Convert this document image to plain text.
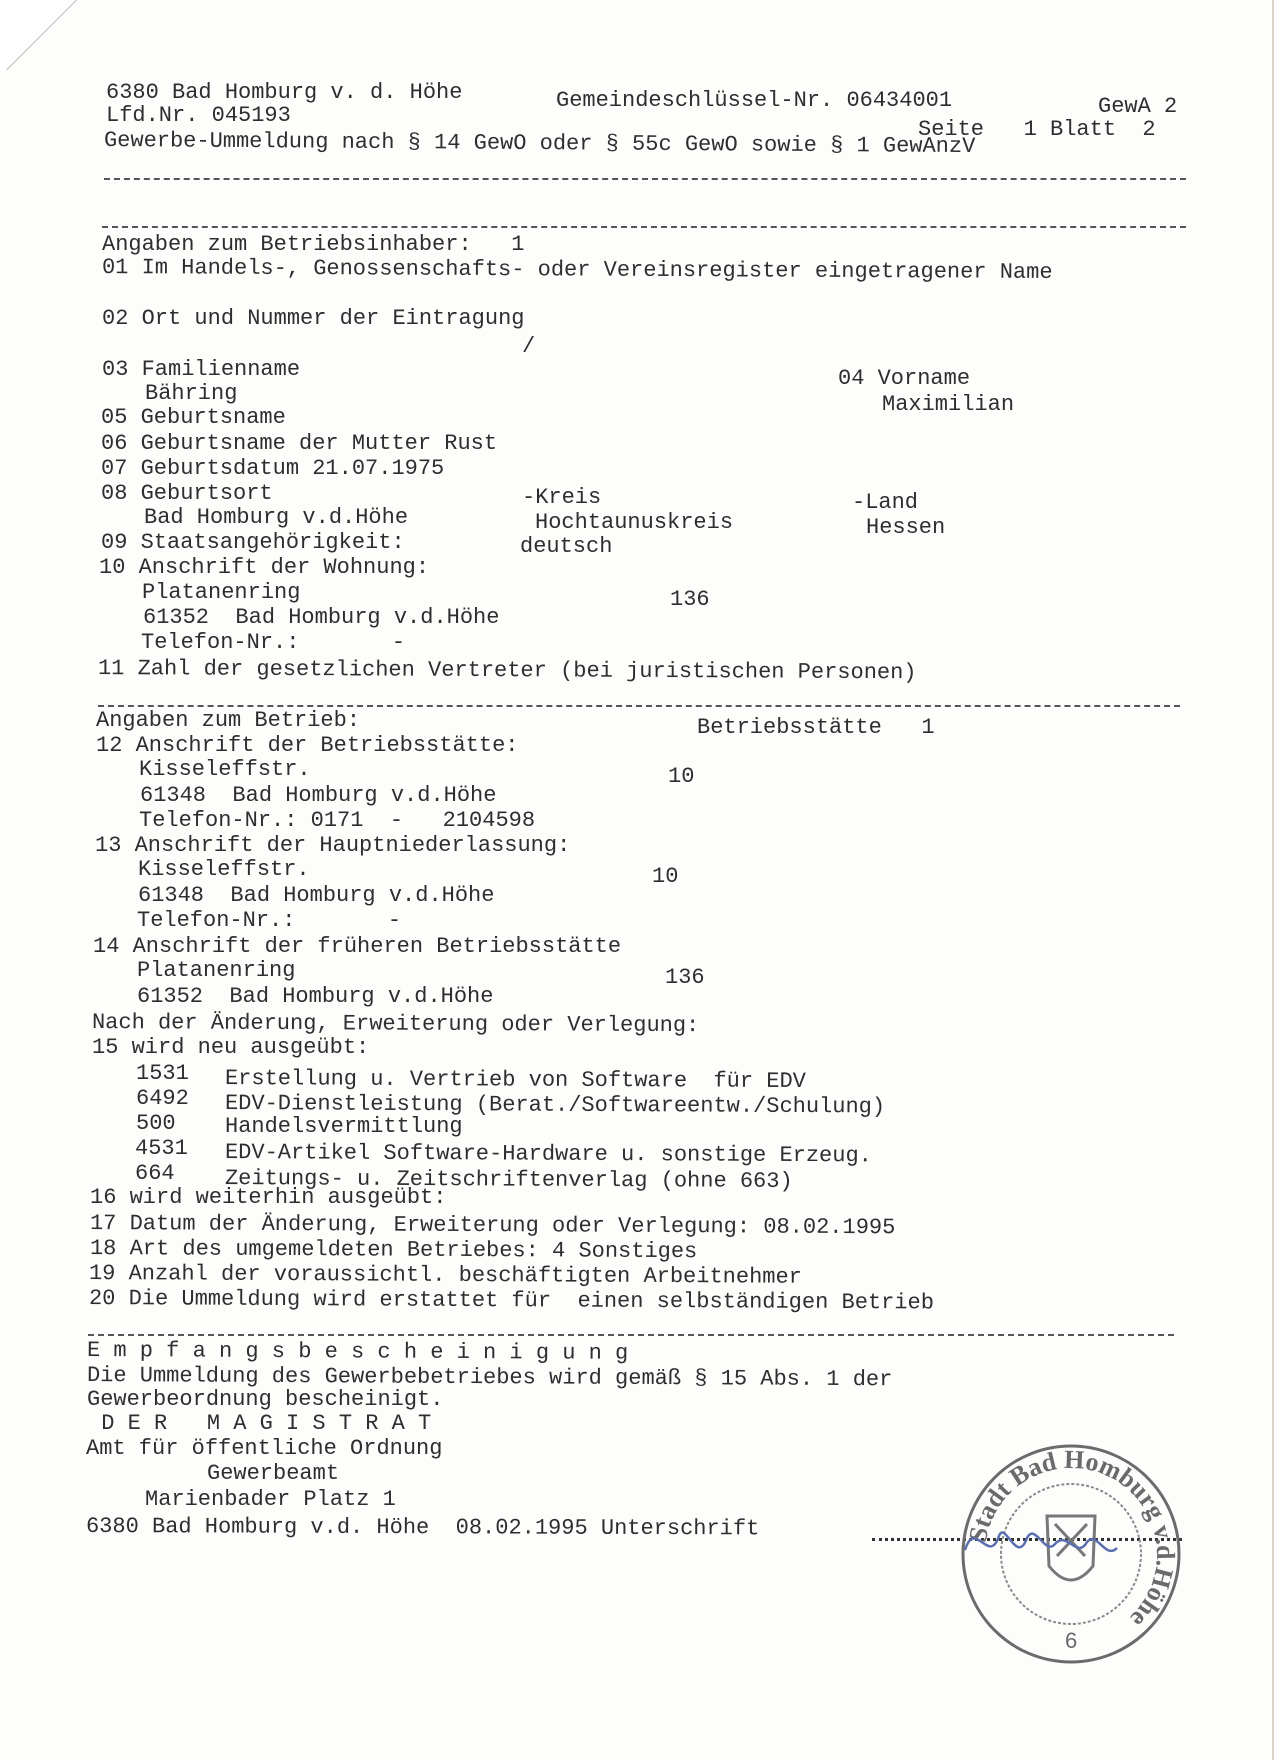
6380 Bad Homburg v. d. Höhe	Gemeindeschlüssel-Nr. 06434001	GewA 2
Lfd.Nr. 045193
Seite   1 Blatt  2
Gewerbe-Ummeldung nach § 14 GewO oder § 55c GewO sowie § 1 GewAnzV
Angaben zum Betriebsinhaber:   1
01 Im Handels-, Genossenschafts- oder Vereinsregister eingetragener Name
02 Ort und Nummer der Eintragung
/
03 Familienname
Bähring
04 Vorname
Maximilian
05 Geburtsname
06 Geburtsname der Mutter Rust
07 Geburtsdatum 21.07.1975
08 Geburtsort	-Kreis	-Land
Bad Homburg v.d.Höhe	Hochtaunuskreis	Hessen
09 Staatsangehörigkeit:	deutsch
10 Anschrift der Wohnung:
Platanenring	136
61352  Bad Homburg v.d.Höhe
Telefon-Nr.:       -
11 Zahl der gesetzlichen Vertreter (bei juristischen Personen)
Angaben zum Betrieb:	Betriebsstätte   1
12 Anschrift der Betriebsstätte:
Kisseleffstr.	10
61348  Bad Homburg v.d.Höhe
Telefon-Nr.: 0171  -   2104598
13 Anschrift der Hauptniederlassung:
Kisseleffstr.	10
61348  Bad Homburg v.d.Höhe
Telefon-Nr.:       -
14 Anschrift der früheren Betriebsstätte
Platanenring	136
61352  Bad Homburg v.d.Höhe
Nach der Änderung, Erweiterung oder Verlegung:
15 wird neu ausgeübt:
1531 Erstellung u. Vertrieb von Software  für EDV
6492 EDV-Dienstleistung (Berat./Softwareentw./Schulung)
500 Handelsvermittlung
4531 EDV-Artikel Software-Hardware u. sonstige Erzeug.
664 Zeitungs- u. Zeitschriftenverlag (ohne 663)
16 wird weiterhin ausgeübt:
17 Datum der Änderung, Erweiterung oder Verlegung: 08.02.1995
18 Art des umgemeldeten Betriebes: 4 Sonstiges
19 Anzahl der voraussichtl. beschäftigten Arbeitnehmer
20 Die Ummeldung wird erstattet für  einen selbständigen Betrieb
E m p f a n g s b e s c h e i n i g u n g
Die Ummeldung des Gewerbebetriebes wird gemäß § 15 Abs. 1 der
Gewerbeordnung bescheinigt.
D E R   M A G I S T R A T
Amt für öffentliche Ordnung
Gewerbeamt
Marienbader Platz 1
6380 Bad Homburg v.d. Höhe  08.02.1995 Unterschrift	Stadt Bad Homburg v.d.Höhe
6
